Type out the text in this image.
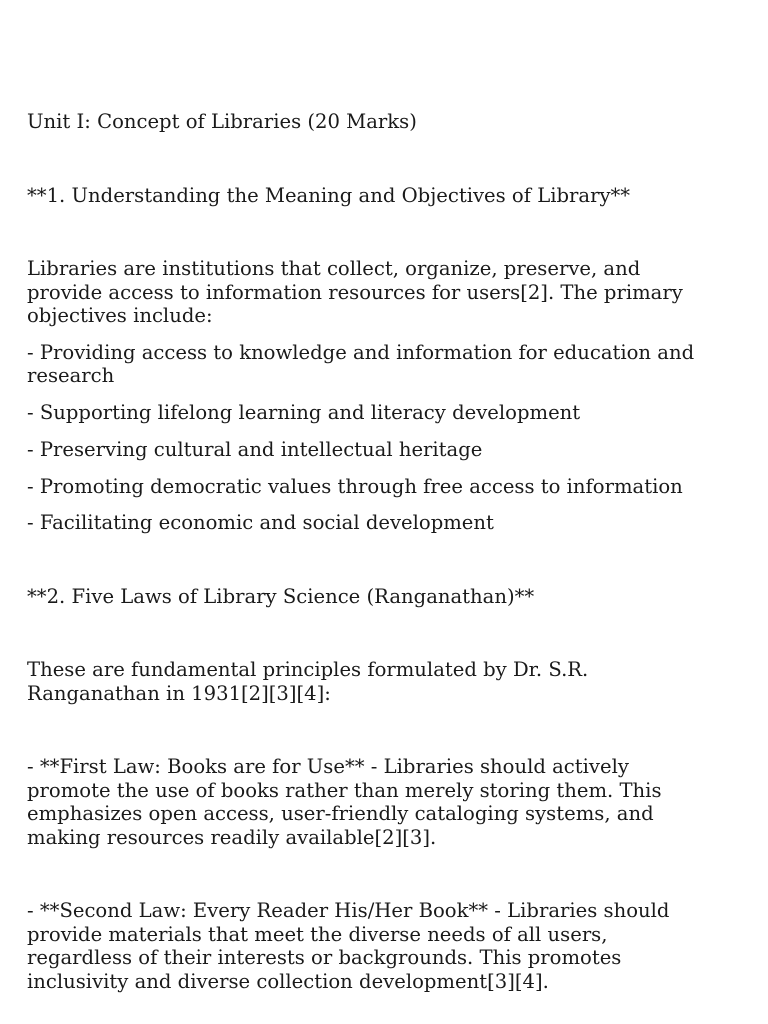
Unit I: Concept of Libraries (20 Marks)
**1. Understanding the Meaning and Objectives of Library**
Libraries are institutions that collect, organize, preserve, and
provide access to information resources for users[2]. The primary
objectives include:
- Providing access to knowledge and information for education and
research
- Supporting lifelong learning and literacy development
- Preserving cultural and intellectual heritage
- Promoting democratic values through free access to information
- Facilitating economic and social development
**2. Five Laws of Library Science (Ranganathan)**
These are fundamental principles formulated by Dr. S.R.
Ranganathan in 1931[2][3][4]:
- **First Law: Books are for Use** - Libraries should actively
promote the use of books rather than merely storing them. This
emphasizes open access, user-friendly cataloging systems, and
making resources readily available[2][3].
- **Second Law: Every Reader His/Her Book** - Libraries should
provide materials that meet the diverse needs of all users,
regardless of their interests or backgrounds. This promotes
inclusivity and diverse collection development[3][4].
